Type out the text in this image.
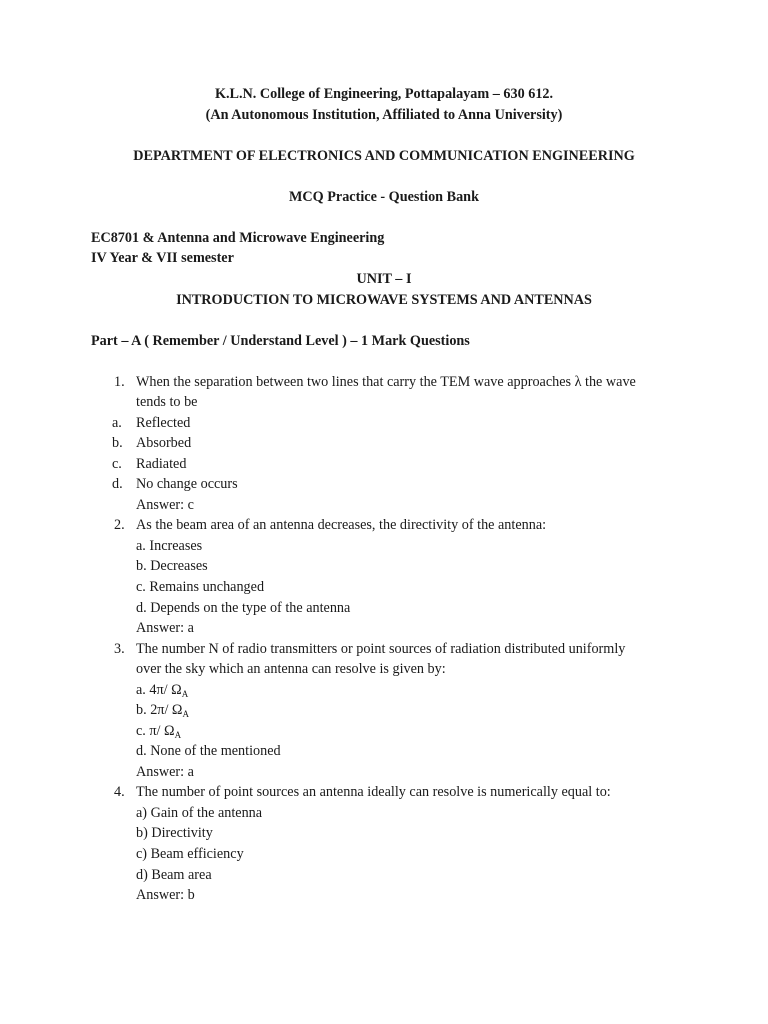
K.L.N. College of Engineering, Pottapalayam – 630 612.
(An Autonomous Institution, Affiliated to Anna University)
DEPARTMENT OF ELECTRONICS AND COMMUNICATION ENGINEERING
MCQ Practice - Question Bank
EC8701 & Antenna and Microwave Engineering
IV Year & VII semester
UNIT – I
INTRODUCTION TO MICROWAVE SYSTEMS AND ANTENNAS
Part – A ( Remember / Understand Level ) – 1 Mark Questions
1. When the separation between two lines that carry the TEM wave approaches λ the wave
tends to be
a. Reflected
b. Absorbed
c. Radiated
d. No change occurs
Answer: c
2. As the beam area of an antenna decreases, the directivity of the antenna:
a. Increases
b. Decreases
c. Remains unchanged
d. Depends on the type of the antenna
Answer: a
3. The number N of radio transmitters or point sources of radiation distributed uniformly
over the sky which an antenna can resolve is given by:
a. 4π/ $\Omega_A$
b. 2π/ $\Omega_A$
c. π/ $\Omega_A$
d. None of the mentioned
Answer: a
4. The number of point sources an antenna ideally can resolve is numerically equal to:
a) Gain of the antenna
b) Directivity
c) Beam efficiency
d) Beam area
Answer: b
